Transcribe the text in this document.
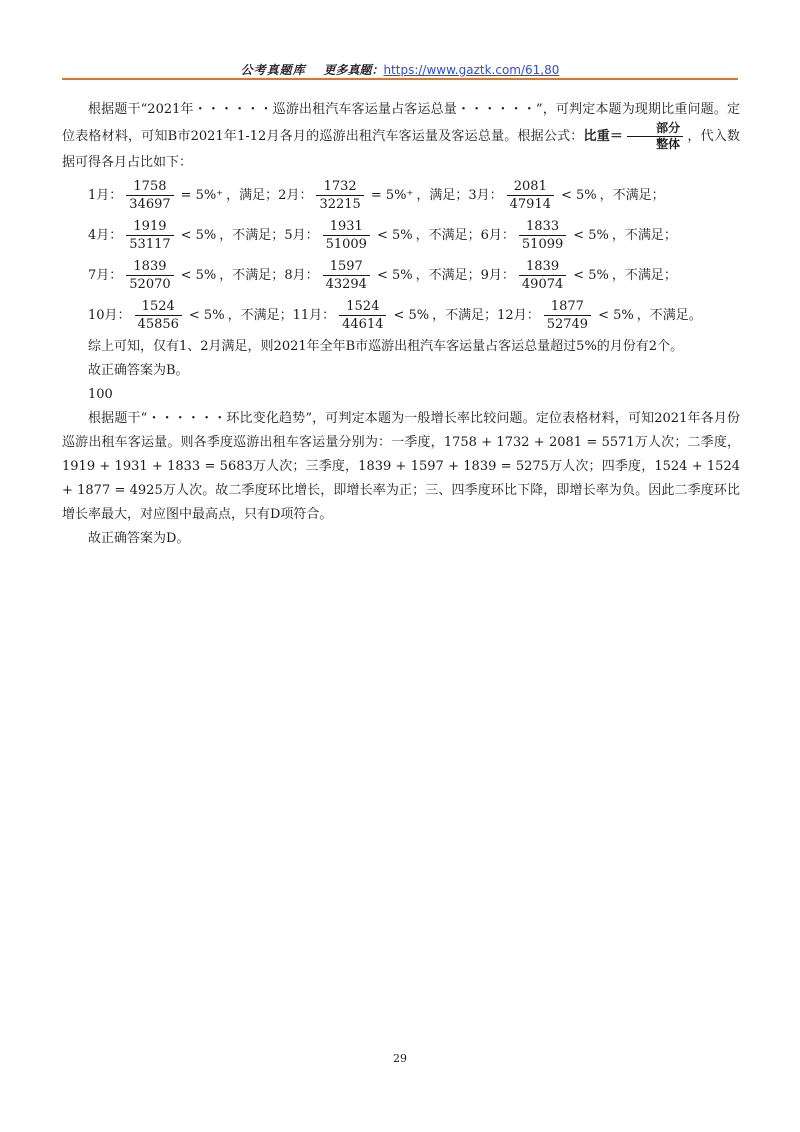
公考真题库 更多真题：https://www.gaztk.com/61,80

根据题干“2021年・・・・・・巡游出租汽车客运量占客运总量・・・・・・”，可判定本题为现期比重问题。定位表格材料，可知B市2021年1-12月各月的巡游出租汽车客运量及客运总量。根据公式：比重＝ $\frac{\text{部分}}{\text{整体}}$ ，代入数据可得各月占比如下：

1月： $\frac{1758}{34697} = 5\%^+$ ，满足； 2月： $\frac{1732}{32215} = 5\%^+$ ，满足； 3月： $\frac{2081}{47914} < 5\%$ ，不满足；
4月： $\frac{1919}{53117} < 5\%$ ，不满足； 5月： $\frac{1931}{51009} < 5\%$ ，不满足； 6月： $\frac{1833}{51099} < 5\%$ ，不满足；
7月： $\frac{1839}{52070} < 5\%$ ，不满足； 8月： $\frac{1597}{43294} < 5\%$ ，不满足； 9月： $\frac{1839}{49074} < 5\%$ ，不满足；
10月： $\frac{1524}{45856} < 5\%$ ，不满足； 11月： $\frac{1524}{44614} < 5\%$ ，不满足； 12月： $\frac{1877}{52749} < 5\%$ ，不满足。

综上可知，仅有1、2月满足，则2021年全年B市巡游出租汽车客运量占客运总量超过5%的月份有2个。

故正确答案为B。

100

根据题干“・・・・・・环比变化趋势”，可判定本题为一般增长率比较问题。定位表格材料，可知2021年各月份巡游出租车客运量。则各季度巡游出租车客运量分别为：一季度，1758 + 1732 + 2081 = 5571万人次；二季度，1919 + 1931 + 1833 = 5683万人次；三季度，1839 + 1597 + 1839 = 5275万人次；四季度，1524 + 1524 + 1877 = 4925万人次。故二季度环比增长，即增长率为正；三、四季度环比下降，即增长率为负。因此二季度环比增长率最大，对应图中最高点，只有D项符合。

故正确答案为D。

29
